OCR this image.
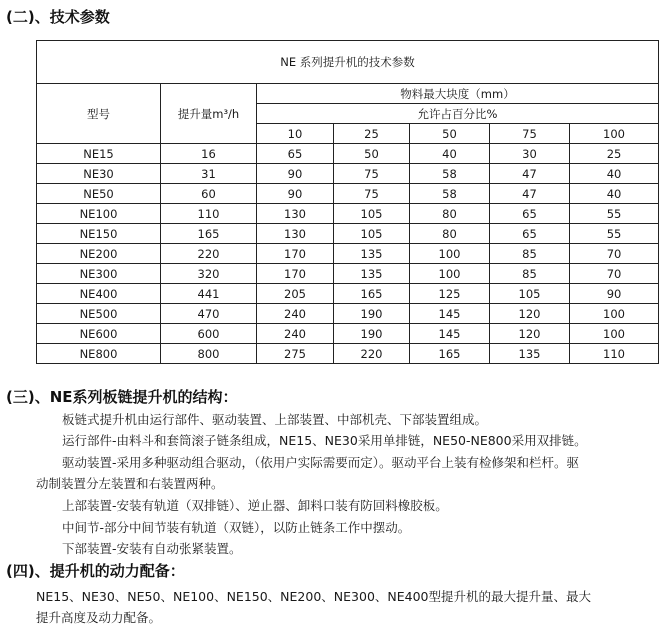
(二)、技术参数
NE 系列提升机的技术参数						
型号	提升量m³/h	物料最大块度（mm）				
		允许占百分比%				
		10	25	50	75	100
NE15	16	65	50	40	30	25
NE30	31	90	75	58	47	40
NE50	60	90	75	58	47	40
NE100	110	130	105	80	65	55
NE150	165	130	105	80	65	55
NE200	220	170	135	100	85	70
NE300	320	170	135	100	85	70
NE400	441	205	165	125	105	90
NE500	470	240	190	145	120	100
NE600	600	240	190	145	120	100
NE800	800	275	220	165	135	110
(三)、NE系列板链提升机的结构：
板链式提升机由运行部件、驱动装置、上部装置、中部机壳、下部装置组成。
运行部件-由料斗和套筒滚子链条组成，NE15、NE30采用单排链，NE50-NE800采用双排链。
驱动装置-采用多种驱动组合驱动，（依用户实际需要而定）。驱动平台上装有检修架和栏杆。驱
动制装置分左装置和右装置两种。
上部装置-安装有轨道（双排链）、逆止器、卸料口装有防回料橡胶板。
中间节-部分中间节装有轨道（双链），以防止链条工作中摆动。
下部装置-安装有自动张紧装置。
(四)、提升机的动力配备：
NE15、NE30、NE50、NE100、NE150、NE200、NE300、NE400型提升机的最大提升量、最大
提升高度及动力配备。
